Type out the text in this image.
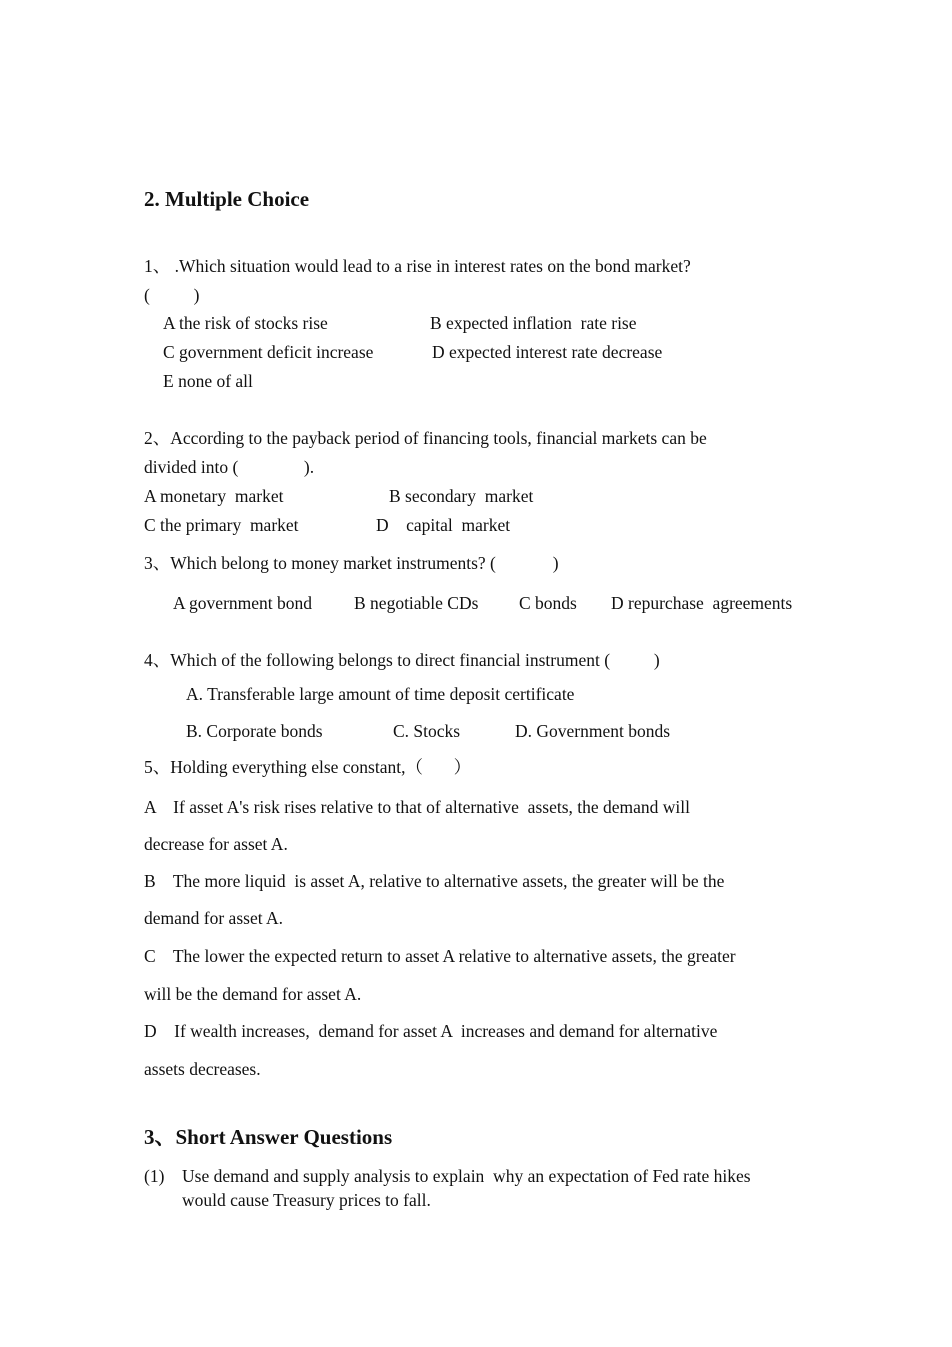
2. Multiple Choice
1、 .Which situation would lead to a rise in interest rates on the bond market?
(          )
A the risk of stocks rise	B expected inflation  rate rise
C government deficit increase	D expected interest rate decrease
E none of all
2、According to the payback period of financing tools, financial markets can be
divided into (               ).
A monetary  market	B secondary  market
C the primary  market	D    capital  market
3、Which belong to money market instruments? (             )
A government bond B negotiable CDs C bonds D repurchase  agreements
4、Which of the following belongs to direct financial instrument (          )
A. Transferable large amount of time deposit certificate
B. Corporate bonds	C. Stocks	D. Government bonds
5、Holding everything else constant,（       ）
A    If asset A's risk rises relative to that of alternative  assets, the demand will
decrease for asset A.
B    The more liquid  is asset A, relative to alternative assets, the greater will be the
demand for asset A.
C    The lower the expected return to asset A relative to alternative assets, the greater
will be the demand for asset A.
D    If wealth increases,  demand for asset A  increases and demand for alternative
assets decreases.
3、Short Answer Questions
(1) Use demand and supply analysis to explain  why an expectation of Fed rate hikes
would cause Treasury prices to fall.
